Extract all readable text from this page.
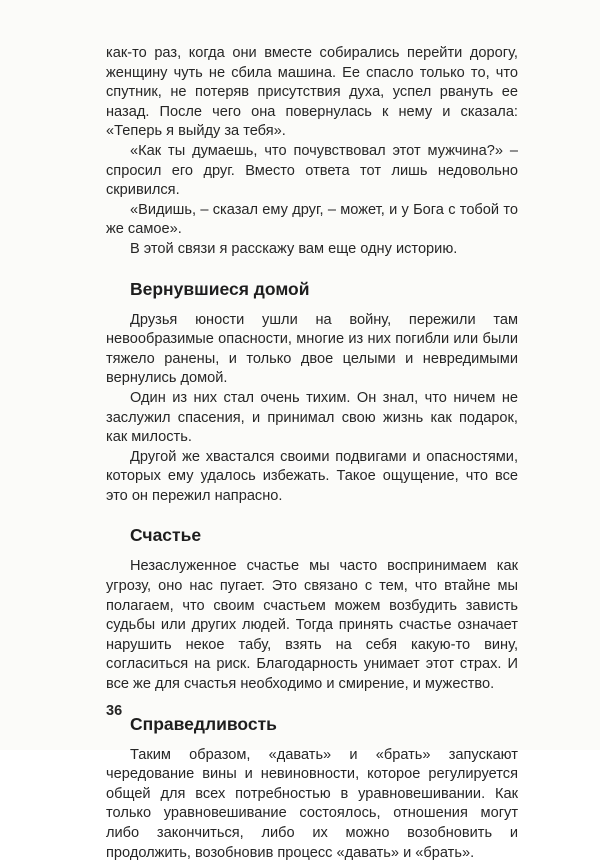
как-то раз, когда они вместе собирались перейти дорогу, женщину чуть не сбила машина. Ее спасло только то, что спутник, не потеряв присутствия духа, успел рвануть ее назад. После чего она повернулась к нему и сказала: «Теперь я выйду за тебя».

«Как ты думаешь, что почувствовал этот мужчина?» – спросил его друг. Вместо ответа тот лишь недовольно скривился.

«Видишь, – сказал ему друг, – может, и у Бога с тобой то же самое».

В этой связи я расскажу вам еще одну историю.

Вернувшиеся домой

Друзья юности ушли на войну, пережили там невообразимые опасности, многие из них погибли или были тяжело ранены, и только двое целыми и невредимыми вернулись домой.

Один из них стал очень тихим. Он знал, что ничем не заслужил спасения, и принимал свою жизнь как подарок, как милость.

Другой же хвастался своими подвигами и опасностями, которых ему удалось избежать. Такое ощущение, что все это он пережил напрасно.

Счастье

Незаслуженное счастье мы часто воспринимаем как угрозу, оно нас пугает. Это связано с тем, что втайне мы полагаем, что своим счастьем можем возбудить зависть судьбы или других людей. Тогда принять счастье означает нарушить некое табу, взять на себя какую-то вину, согласиться на риск. Благодарность унимает этот страх. И все же для счастья необходимо и смирение, и мужество.

Справедливость

Таким образом, «давать» и «брать» запускают чередование вины и невиновности, которое регулируется общей для всех потребностью в уравновешивании. Как только уравновешивание состоялось, отношения могут либо закончиться, либо их можно возобновить и продолжить, возобновив процесс «давать» и «брать».

36
